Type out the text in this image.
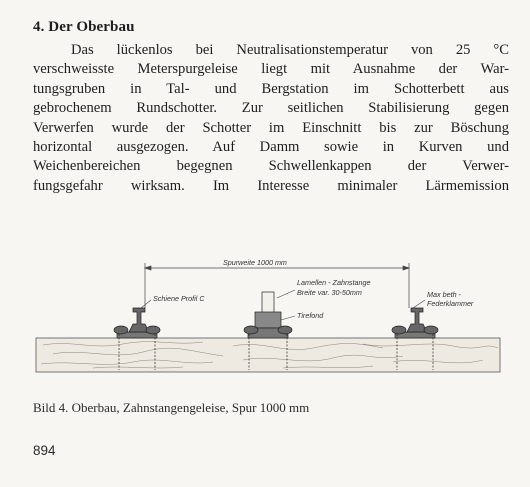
4. Der Oberbau
Das lückenlos bei Neutralisationstemperatur von 25 °C
verschweisste Meterspurgeleise liegt mit Ausnahme der War-
tungsgruben in Tal- und Bergstation im Schotterbett aus
gebrochenem Rundschotter. Zur seitlichen Stabilisierung gegen
Verwerfen wurde der Schotter im Einschnitt bis zur Böschung
horizontal ausgezogen. Auf Damm sowie in Kurven und
Weichenbereichen begegnen Schwellenkappen der Verwer-
fungsgefahr wirksam. Im Interesse minimaler Lärmemission
Spurweite 1000 mm
Schiene Profil C
Lamellen - Zahnstange
Breite var. 30-50mm
Tirefond
Max beth -
Federklammer
Bild 4. Oberbau, Zahnstangengeleise, Spur 1000 mm
894
